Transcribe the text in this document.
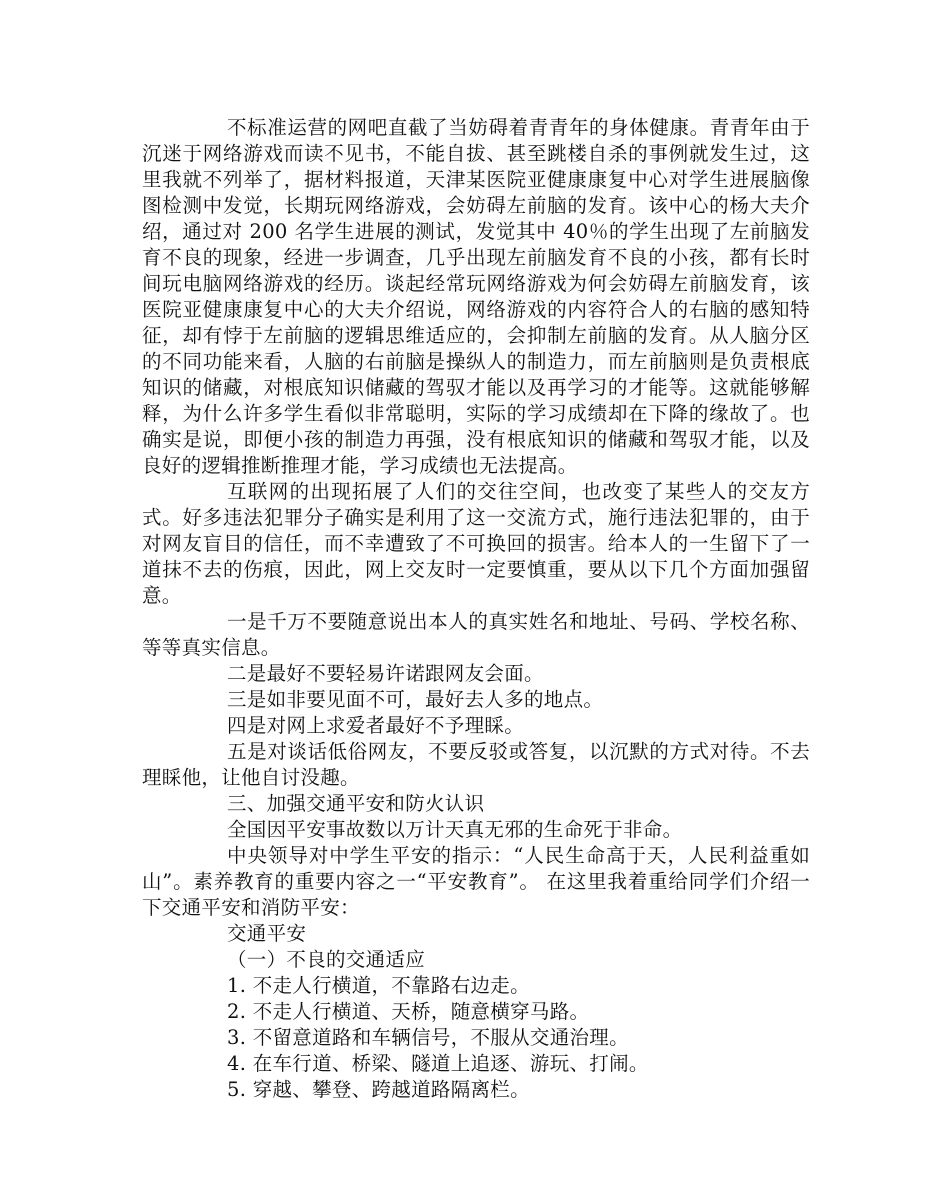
不标准运营的网吧直截了当妨碍着青青年的身体健康。青青年由于沉迷于网络游戏而读不见书，不能自拔、甚至跳楼自杀的事例就发生过，这里我就不列举了，据材料报道，天津某医院亚健康康复中心对学生进展脑像图检测中发觉，长期玩网络游戏，会妨碍左前脑的发育。该中心的杨大夫介绍，通过对 200 名学生进展的测试，发觉其中 40％的学生出现了左前脑发育不良的现象，经进一步调查，几乎出现左前脑发育不良的小孩，都有长时间玩电脑网络游戏的经历。谈起经常玩网络游戏为何会妨碍左前脑发育，该医院亚健康康复中心的大夫介绍说，网络游戏的内容符合人的右脑的感知特征，却有悖于左前脑的逻辑思维适应的，会抑制左前脑的发育。从人脑分区的不同功能来看，人脑的右前脑是操纵人的制造力，而左前脑则是负责根底知识的储藏，对根底知识储藏的驾驭才能以及再学习的才能等。这就能够解释，为什么许多学生看似非常聪明，实际的学习成绩却在下降的缘故了。也确实是说，即便小孩的制造力再强，没有根底知识的储藏和驾驭才能，以及良好的逻辑推断推理才能，学习成绩也无法提高。

互联网的出现拓展了人们的交往空间，也改变了某些人的交友方式。好多违法犯罪分子确实是利用了这一交流方式，施行违法犯罪的，由于对网友盲目的信任，而不幸遭致了不可换回的损害。给本人的一生留下了一道抹不去的伤痕，因此，网上交友时一定要慎重，要从以下几个方面加强留意。

一是千万不要随意说出本人的真实姓名和地址、号码、学校名称、等等真实信息。

二是最好不要轻易许诺跟网友会面。

三是如非要见面不可，最好去人多的地点。

四是对网上求爱者最好不予理睬。

五是对谈话低俗网友，不要反驳或答复，以沉默的方式对待。不去理睬他，让他自讨没趣。

三、加强交通平安和防火认识

全国因平安事故数以万计天真无邪的生命死于非命。

中央领导对中学生平安的指示：“人民生命高于天，人民利益重如山”。素养教育的重要内容之一“平安教育”。 在这里我着重给同学们介绍一下交通平安和消防平安：

交通平安

（一）不良的交通适应

1. 不走人行横道，不靠路右边走。

2. 不走人行横道、天桥，随意横穿马路。

3. 不留意道路和车辆信号，不服从交通治理。

4. 在车行道、桥梁、隧道上追逐、游玩、打闹。

5. 穿越、攀登、跨越道路隔离栏。
